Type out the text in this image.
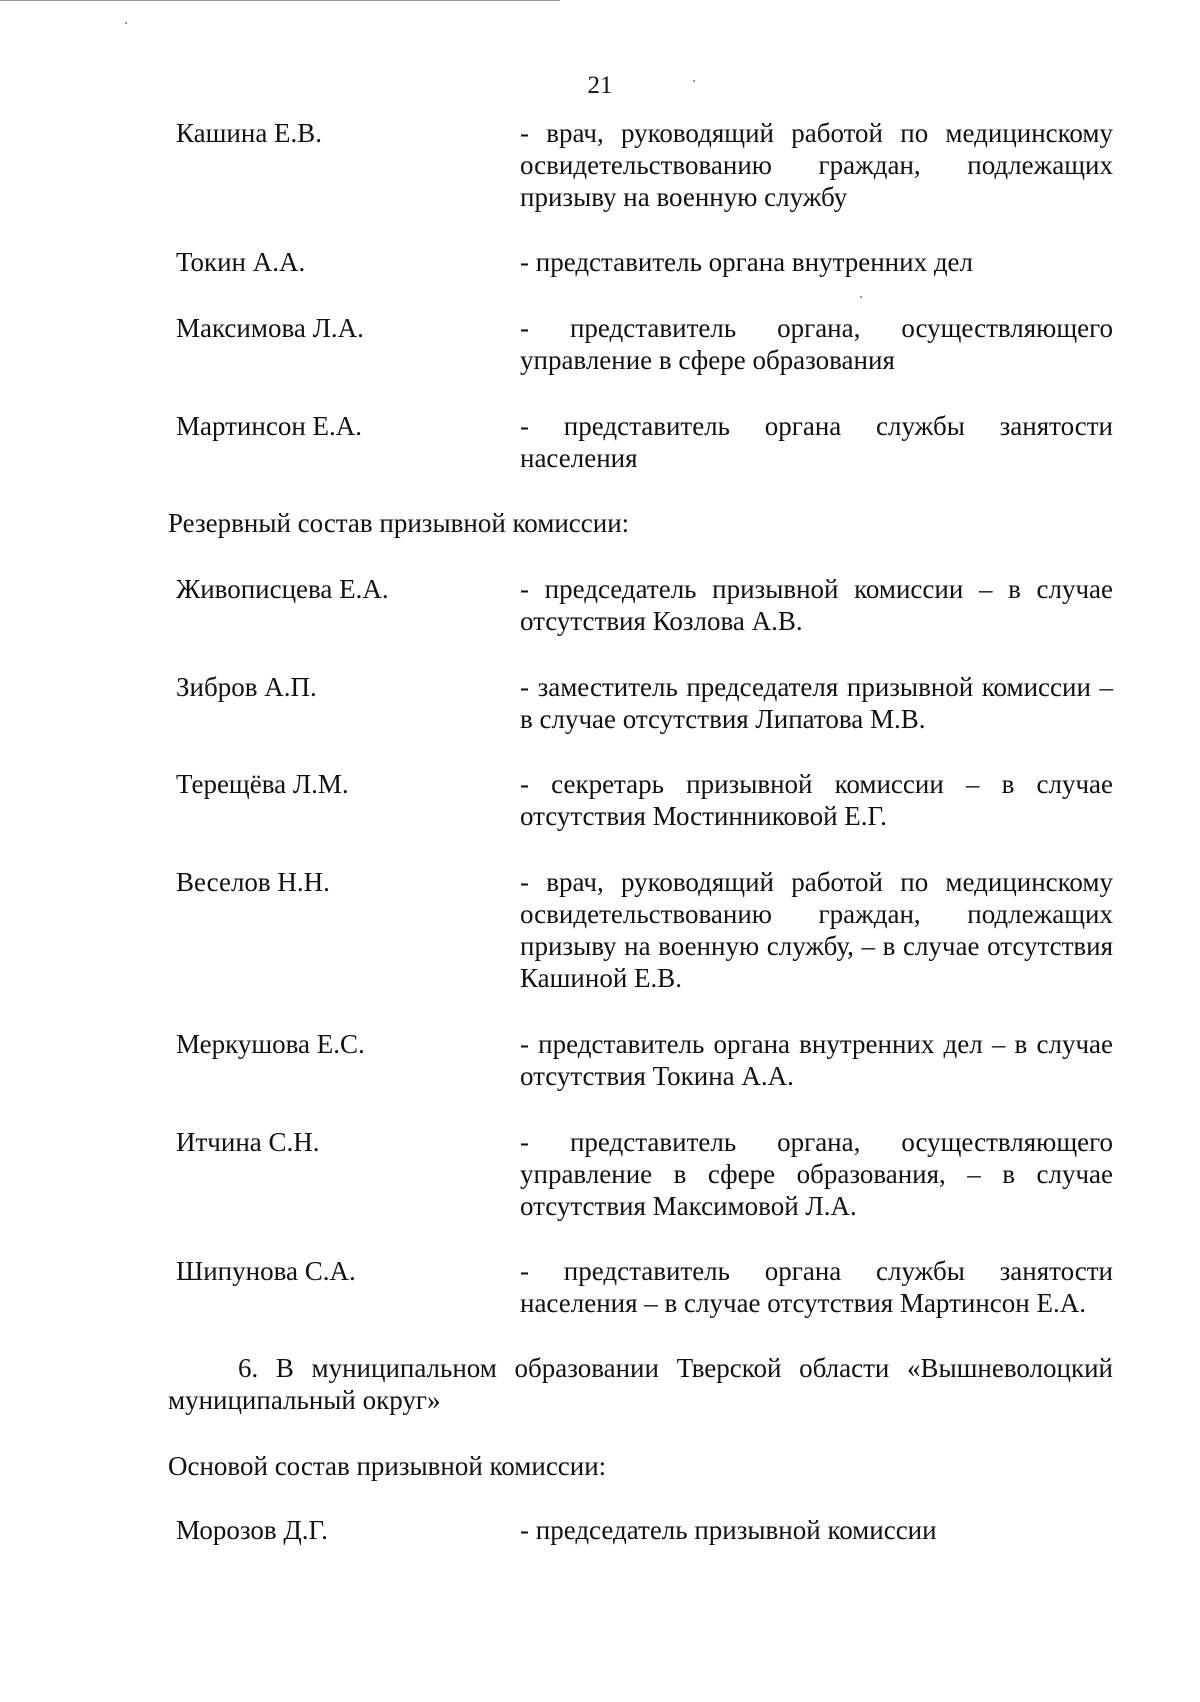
21
Кашина Е.В.	- врач, руководящий работой по медицинскому освидетельствованию граждан, подлежащих призыву на военную службу
Токин А.А.	- представитель органа внутренних дел
Максимова Л.А.	- представитель органа, осуществляющего управление в сфере образования
Мартинсон Е.А.	- представитель органа службы занятости населения
Резервный состав призывной комиссии:
Живописцева Е.А.	- председатель призывной комиссии – в случае отсутствия Козлова А.В.
Зибров А.П.	- заместитель председателя призывной комиссии – в случае отсутствия Липатова М.В.
Терещёва Л.М.	- секретарь призывной комиссии – в случае отсутствия Мостинниковой Е.Г.
Веселов Н.Н.	- врач, руководящий работой по медицинскому освидетельствованию граждан, подлежащих призыву на военную службу, – в случае отсутствия Кашиной Е.В.
Меркушова Е.С.	- представитель органа внутренних дел – в случае отсутствия Токина А.А.
Итчина С.Н.	- представитель органа, осуществляющего управление в сфере образования, – в случае отсутствия Максимовой Л.А.
Шипунова С.А.	- представитель органа службы занятости населения – в случае отсутствия Мартинсон Е.А.
6. В муниципальном образовании Тверской области «Вышневолоцкий муниципальный округ»
Основой состав призывной комиссии:
Морозов Д.Г.	- председатель призывной комиссии
